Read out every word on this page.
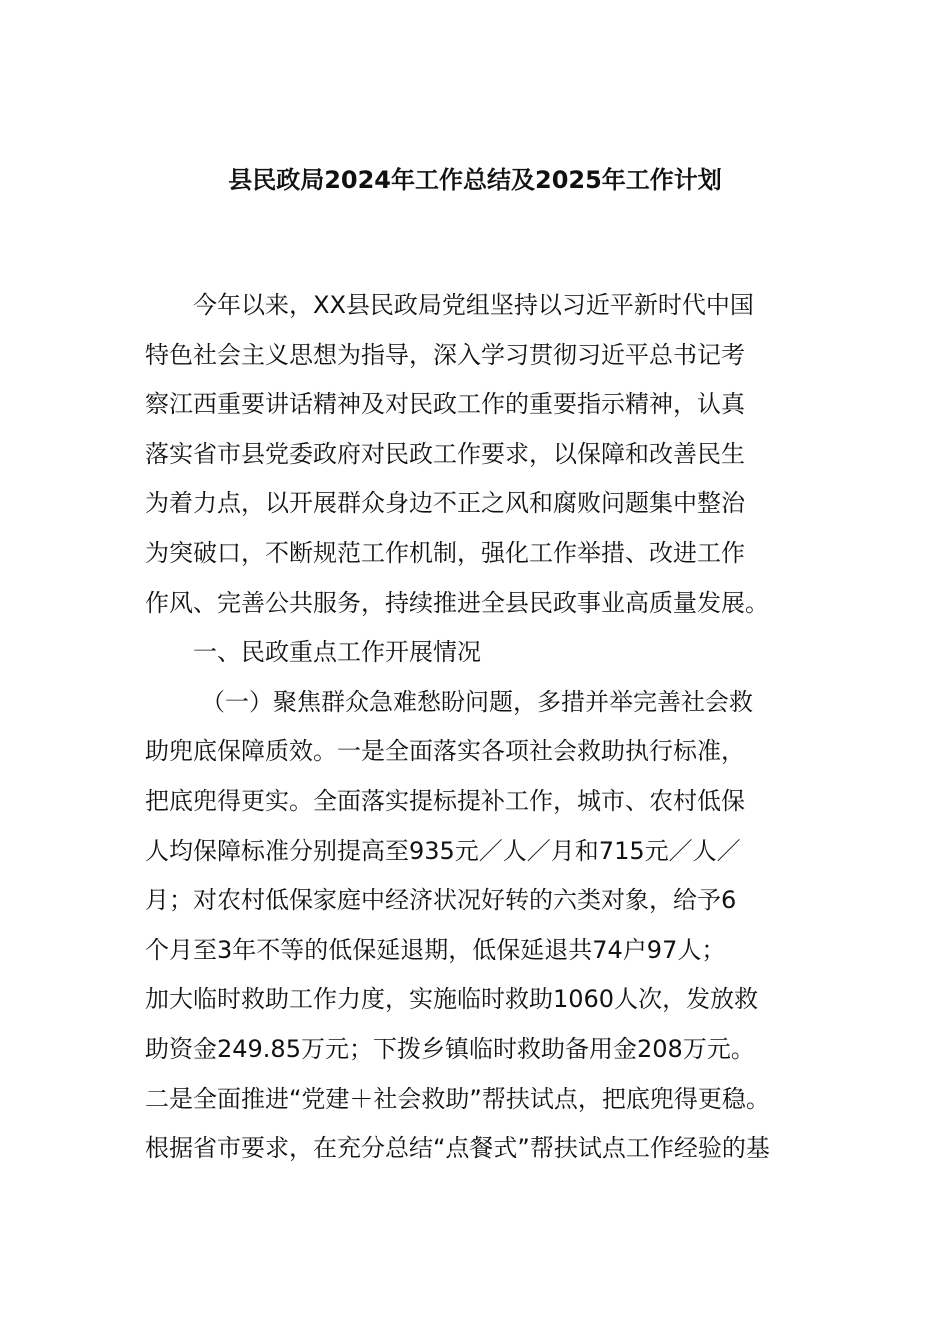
县民政局2024年工作总结及2025年工作计划
今年以来，XX县民政局党组坚持以习近平新时代中国
特色社会主义思想为指导，深入学习贯彻习近平总书记考
察江西重要讲话精神及对民政工作的重要指示精神，认真
落实省市县党委政府对民政工作要求，以保障和改善民生
为着力点，以开展群众身边不正之风和腐败问题集中整治
为突破口，不断规范工作机制，强化工作举措、改进工作
作风、完善公共服务，持续推进全县民政事业高质量发展。
一、民政重点工作开展情况
（一）聚焦群众急难愁盼问题，多措并举完善社会救
助兜底保障质效。一是全面落实各项社会救助执行标准，
把底兜得更实。全面落实提标提补工作，城市、农村低保
人均保障标准分别提高至935元／人／月和715元／人／
月；对农村低保家庭中经济状况好转的六类对象，给予6
个月至3年不等的低保延退期，低保延退共74户97人；
加大临时救助工作力度，实施临时救助1060人次，发放救
助资金249.85万元；下拨乡镇临时救助备用金208万元。
二是全面推进“党建＋社会救助”帮扶试点，把底兜得更稳。
根据省市要求，在充分总结“点餐式”帮扶试点工作经验的基
